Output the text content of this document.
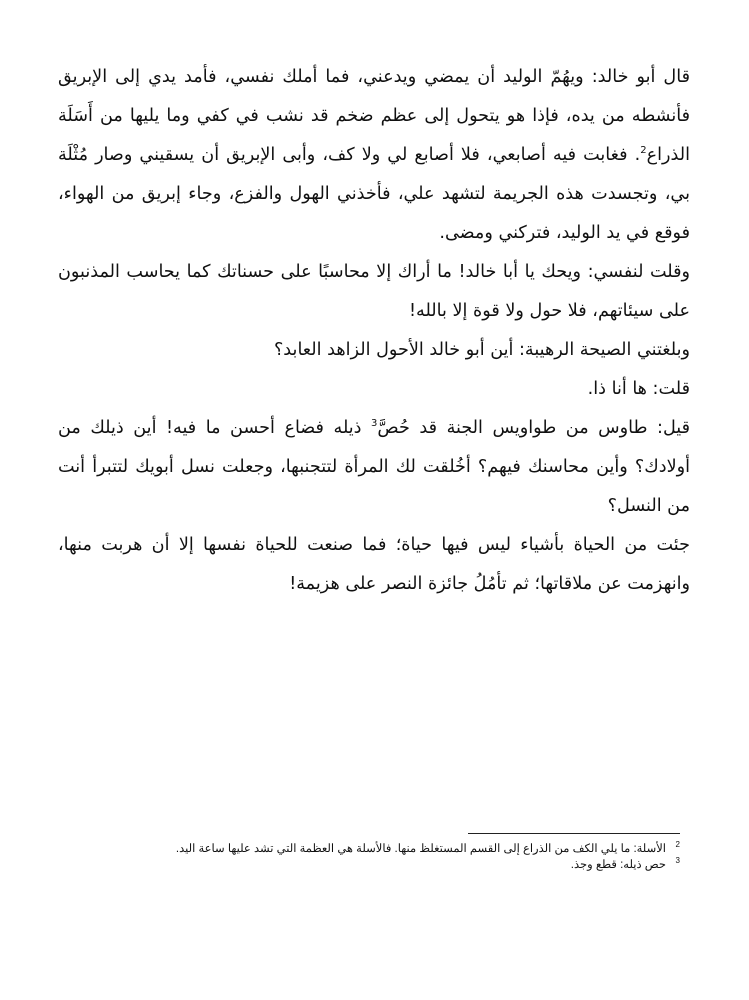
قال أبو خالد: ويهُمّ الوليد أن يمضي ويدعني، فما أملك نفسي، فأمد يدي إلى الإبريق فأنشطه من يده، فإذا هو يتحول إلى عظم ضخم قد نشب في كفي وما يليها من أَسَلَة الذراع$^2$. فغابت فيه أصابعي، فلا أصابع لي ولا كف، وأبى الإبريق أن يسقيني وصار مُثْلَة بي، وتجسدت هذه الجريمة لتشهد علي، فأخذني الهول والفزع، وجاء إبريق من الهواء، فوقع في يد الوليد، فتركني ومضى.

وقلت لنفسي: ويحك يا أبا خالد! ما أراك إلا محاسبًا على حسناتك كما يحاسب المذنبون على سيئاتهم، فلا حول ولا قوة إلا بالله!

وبلغتني الصيحة الرهيبة: أين أبو خالد الأحول الزاهد العابد؟

قلت: ها أنا ذا.

قيل: طاوس من طواويس الجنة قد حُصَّ$^3$ ذيله فضاع أحسن ما فيه! أين ذيلك من أولادك؟ وأين محاسنك فيهم؟ أخُلقت لك المرأة لتتجنبها، وجعلت نسل أبويك لتتبرأ أنت من النسل؟

جئت من الحياة بأشياء ليس فيها حياة؛ فما صنعت للحياة نفسها إلا أن هربت منها، وانهزمت عن ملاقاتها؛ ثم تأمُلُ جائزة النصر على هزيمة!

2الأسلة: ما يلي الكف من الذراع إلى القسم المستغلظ منها. فالأسلة هي العظمة التي تشد عليها ساعة اليد.

3حص ذيله: قطع وجذ.
